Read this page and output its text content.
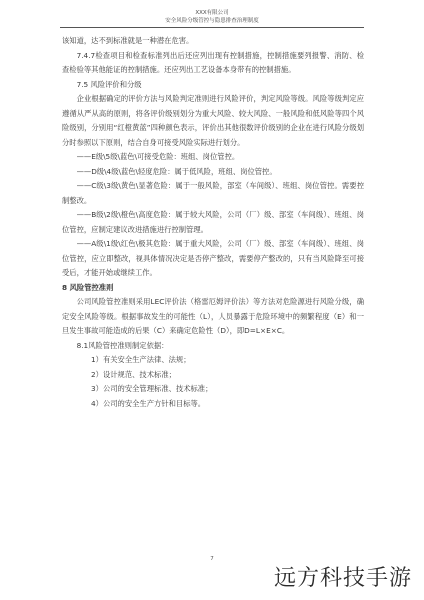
XXX有限公司
安全风险分级管控与隐患排查治理制度

该知道，达不到标准就是一种潜在危害。

7.4.7检查项目和检查标准列出后还应列出现有控制措施，控制措施要列报警、消防、检查检验等其他能证的控制措施。还应列出工艺设备本身带有的控制措施。

7.5 风险评价和分级

企业根据确定的评价方法与风险判定准则进行风险评价，判定风险等级。风险等级判定应遵循从严从高的原则，将各评价级别划分为重大风险、较大风险、一般风险和低风险等四个风险级别，分别用“红橙黄蓝”四种颜色表示，评价出其他很数评价级别的企业在进行风险分级划分时参照以下原则，结合自身可接受风险实际进行划分。

——E级\5级\蓝色\可接受危险：班组、岗位管控。

——D级\4级\蓝色\轻度危险：属于低风险，班组、岗位管控。

——C级\3级\黄色\显著危险：属于一般风险，部室（车间级）、班组、岗位管控。需要控制整改。

——B级\2级\橙色\高度危险：属于较大风险，公司（厂）级、部室（车间级）、班组、岗位管控，应制定建议改进措施进行控制管理。

——A级\1级\红色\极其危险：属于重大风险，公司（厂）级、部室（车间级）、班组、岗位管控，应立即整改，视具体情况决定是否停产整改，需要停产整改的，只有当风险降至可接受后，才能开始或继续工作。

8 风险管控准则

公司风险管控准则采用LEC评价法（格雷厄姆评价法）等方法对危险源进行风险分级，确定安全风险等级。根据事故发生的可能性（L），人员暴露于危险环境中的频繁程度（E）和一旦发生事故可能造成的后果（C）来确定危险性（D），即D=L×E×C。

8.1风险管控准则制定依据：

1）有关安全生产法律、法规；

2）设计规范、技术标准；

3）公司的安全管理标准、技术标准；

4）公司的安全生产方针和目标等。

7
远方科技手游
